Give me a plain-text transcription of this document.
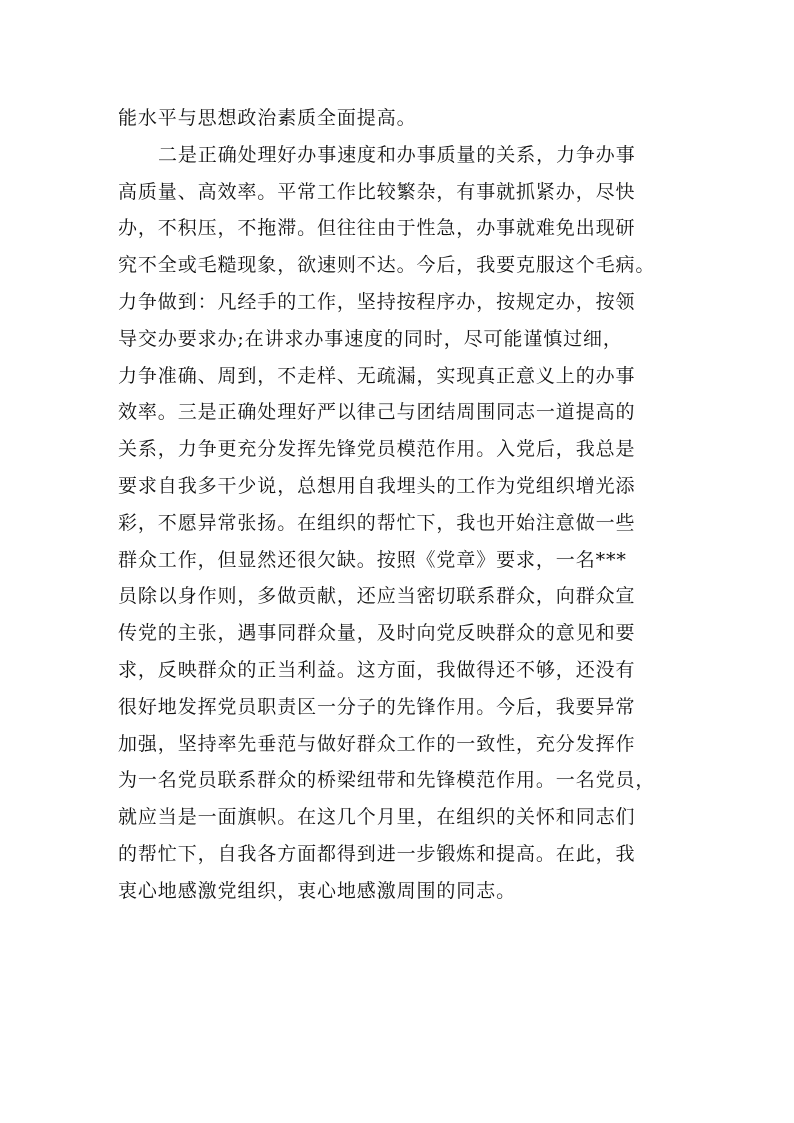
能水平与思想政治素质全面提高。
二是正确处理好办事速度和办事质量的关系，力争办事
高质量、高效率。平常工作比较繁杂，有事就抓紧办，尽快
办，不积压，不拖滞。但往往由于性急，办事就难免出现研
究不全或毛糙现象，欲速则不达。今后，我要克服这个毛病。
力争做到：凡经手的工作，坚持按程序办，按规定办，按领
导交办要求办;在讲求办事速度的同时，尽可能谨慎过细，
力争准确、周到，不走样、无疏漏，实现真正意义上的办事
效率。三是正确处理好严以律己与团结周围同志一道提高的
关系，力争更充分发挥先锋党员模范作用。入党后，我总是
要求自我多干少说，总想用自我埋头的工作为党组织增光添
彩，不愿异常张扬。在组织的帮忙下，我也开始注意做一些
群众工作，但显然还很欠缺。按照《党章》要求，一名***
员除以身作则，多做贡献，还应当密切联系群众，向群众宣
传党的主张，遇事同群众量，及时向党反映群众的意见和要
求，反映群众的正当利益。这方面，我做得还不够，还没有
很好地发挥党员职责区一分子的先锋作用。今后，我要异常
加强，坚持率先垂范与做好群众工作的一致性，充分发挥作
为一名党员联系群众的桥梁纽带和先锋模范作用。一名党员，
就应当是一面旗帜。在这几个月里，在组织的关怀和同志们
的帮忙下，自我各方面都得到进一步锻炼和提高。在此，我
衷心地感激党组织，衷心地感激周围的同志。
